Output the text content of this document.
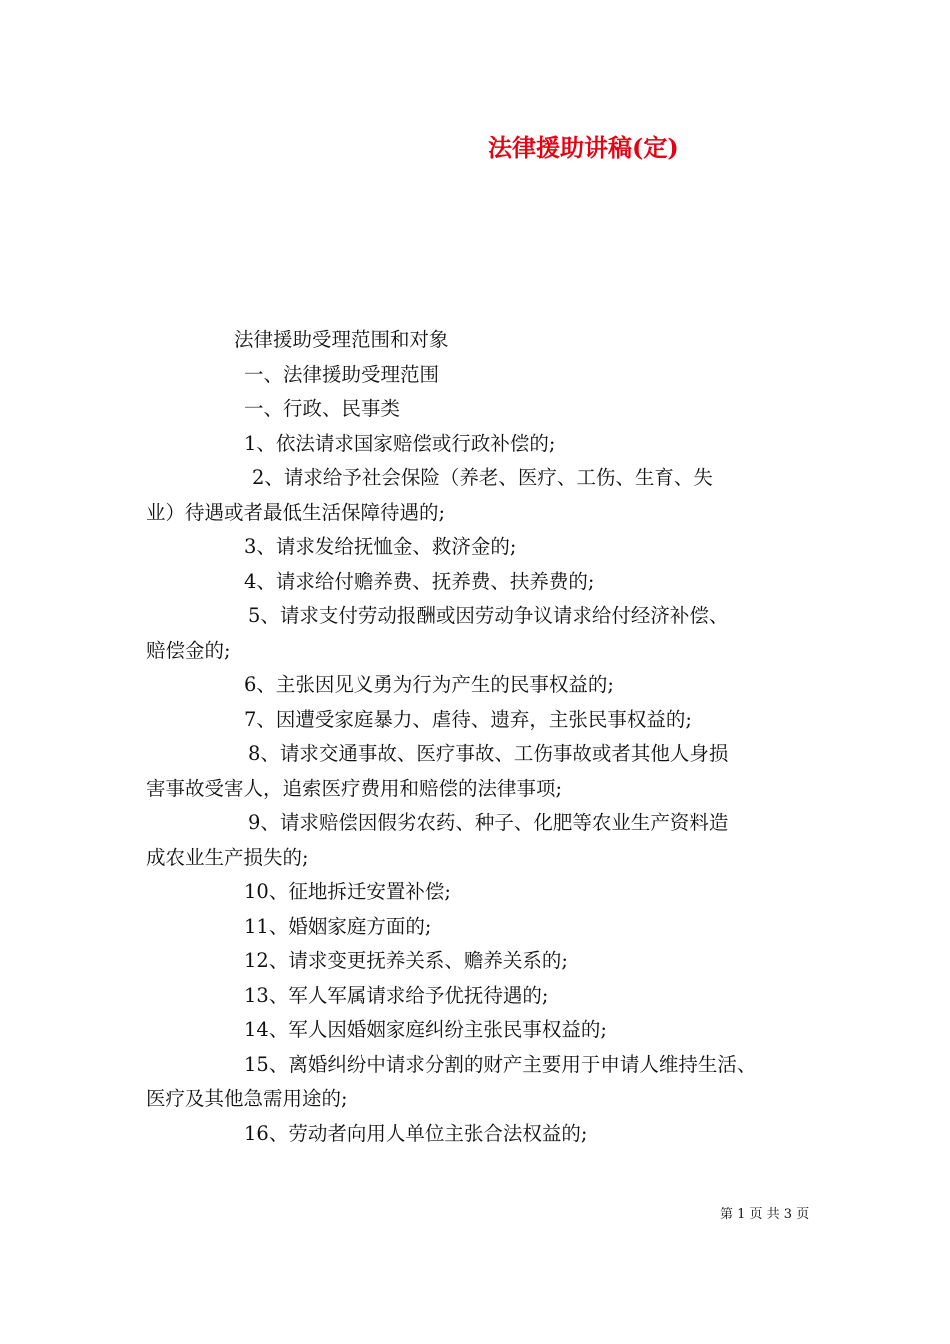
法律援助讲稿(定)
法律援助受理范围和对象
一、法律援助受理范围
一、行政、民事类
1、依法请求国家赔偿或行政补偿的;
2、请求给予社会保险（养老、医疗、工伤、生育、失
业）待遇或者最低生活保障待遇的;
3、请求发给抚恤金、救济金的;
4、请求给付赡养费、抚养费、扶养费的;
5、请求支付劳动报酬或因劳动争议请求给付经济补偿、
赔偿金的;
6、主张因见义勇为行为产生的民事权益的;
7、因遭受家庭暴力、虐待、遗弃，主张民事权益的;
8、请求交通事故、医疗事故、工伤事故或者其他人身损
害事故受害人，追索医疗费用和赔偿的法律事项;
9、请求赔偿因假劣农药、种子、化肥等农业生产资料造
成农业生产损失的;
10、征地拆迁安置补偿;
11、婚姻家庭方面的;
12、请求变更抚养关系、赡养关系的;
13、军人军属请求给予优抚待遇的;
14、军人因婚姻家庭纠纷主张民事权益的;
15、离婚纠纷中请求分割的财产主要用于申请人维持生活、
医疗及其他急需用途的;
16、劳动者向用人单位主张合法权益的;
第 1 页 共 3 页
